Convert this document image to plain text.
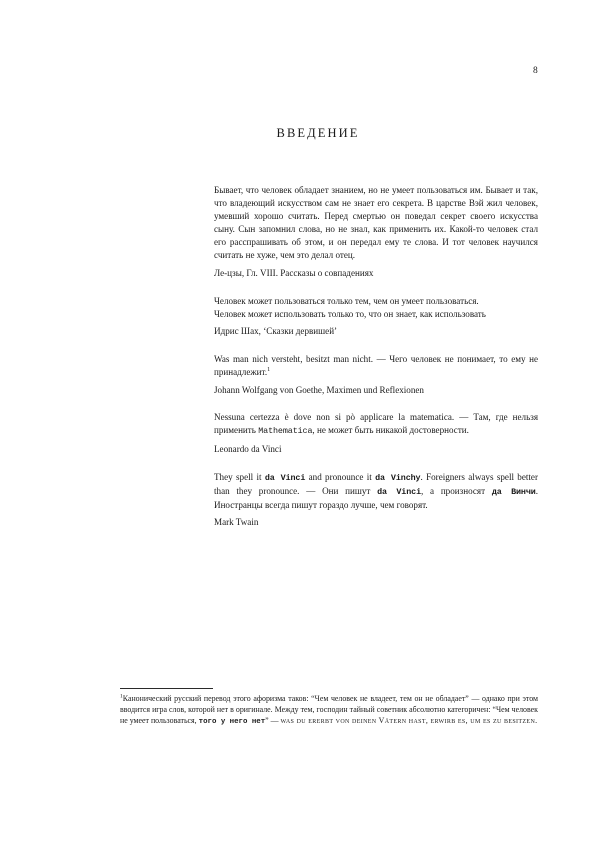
8
ВВЕДЕНИЕ

Бывает, что человек обладает знанием, но не умеет пользоваться им. Бывает и так, что владеющий искусством сам не знает его секрета. В царстве Вэй жил человек, умевший хорошо считать. Перед смертью он поведал секрет своего искусства сыну. Сын запомнил слова, но не знал, как применить их. Какой-то человек стал его расспрашивать об этом, и он передал ему те слова. И тот человек научился считать не хуже, чем это делал отец.

Ле-цзы, Гл. VIII. Рассказы о совпадениях

Человек может пользоваться только тем, чем он умеет пользоваться.

Человек может использовать только то, что он знает, как использовать

Идрис Шах, ‘Сказки дервишей’

Was man nich versteht, besitzt man nicht. — Чего человек не понимает, то ему не принадлежит.$^1$

Johann Wolfgang von Goethe, Maximen und Reflexionen

Nessuna certezza è dove non si pò applicare la matematica. — Там, где нельзя применить Mathematica, не может быть никакой достоверности.

Leonardo da Vinci

They spell it da Vinci and pronounce it da Vinchy. Foreigners always spell better than they pronounce. — Они пишут da Vinci, а произносят да Винчи. Иностранцы всегда пишут гораздо лучше, чем говорят.

Mark Twain

$^1$Канонический русский перевод этого афоризма таков: “Чем человек не владеет, тем он не обладает” — однако при этом вводится игра слов, которой нет в оригинале. Между тем, господин тайный советник абсолютно категоричен: “Чем человек не умеет пользоваться, того у него нет” — was du ererbt von deinen Vätern hast, erwirb es, um es zu besitzen.
